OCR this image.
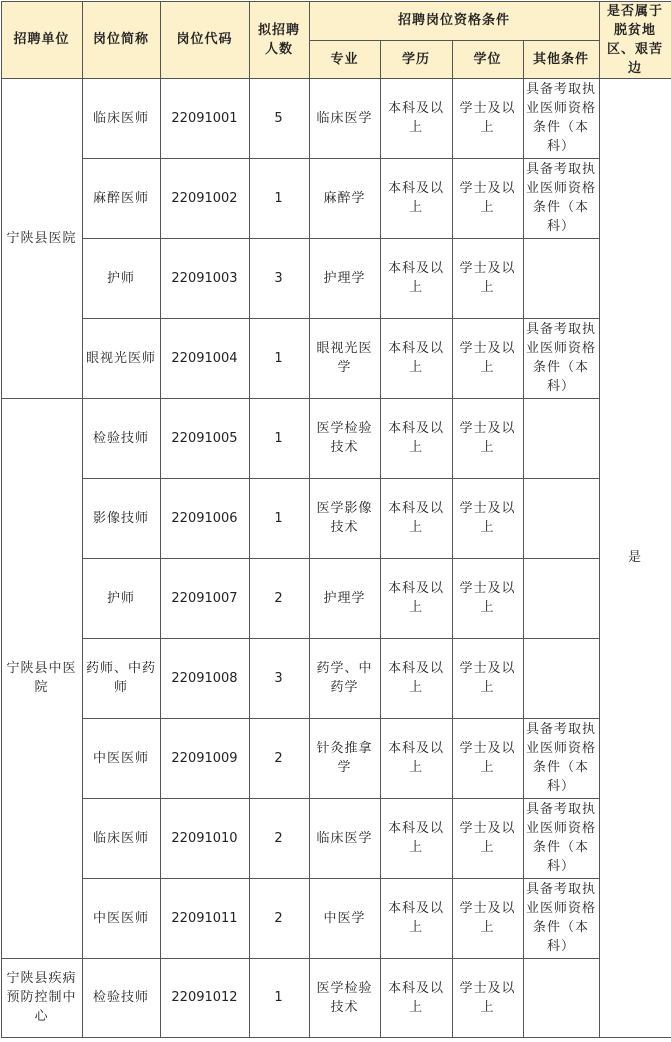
招聘单位	岗位简称	岗位代码	拟招聘人数	招聘岗位资格条件				是否属于脱贫地区、艰苦边
				专业	学历	学位	其他条件	
宁陕县医院	临床医师	22091001	5	临床医学	本科及以上	学士及以上	具备考取执业医师资格条件（本科）	是
	麻醉医师	22091002	1	麻醉学	本科及以上	学士及以上	具备考取执业医师资格条件（本科）	
	护师	22091003	3	护理学	本科及以上	学士及以上		
	眼视光医师	22091004	1	眼视光医学	本科及以上	学士及以上	具备考取执业医师资格条件（本科）	
宁陕县中医院	检验技师	22091005	1	医学检验技术	本科及以上	学士及以上		
	影像技师	22091006	1	医学影像技术	本科及以上	学士及以上		
	护师	22091007	2	护理学	本科及以上	学士及以上		
	药师、中药师	22091008	3	药学、中药学	本科及以上	学士及以上		
	中医医师	22091009	2	针灸推拿学	本科及以上	学士及以上	具备考取执业医师资格条件（本科）	
	临床医师	22091010	2	临床医学	本科及以上	学士及以上	具备考取执业医师资格条件（本科）	
	中医医师	22091011	2	中医学	本科及以上	学士及以上	具备考取执业医师资格条件（本科）	
宁陕县疾病预防控制中心	检验技师	22091012	1	医学检验技术	本科及以上	学士及以上		
